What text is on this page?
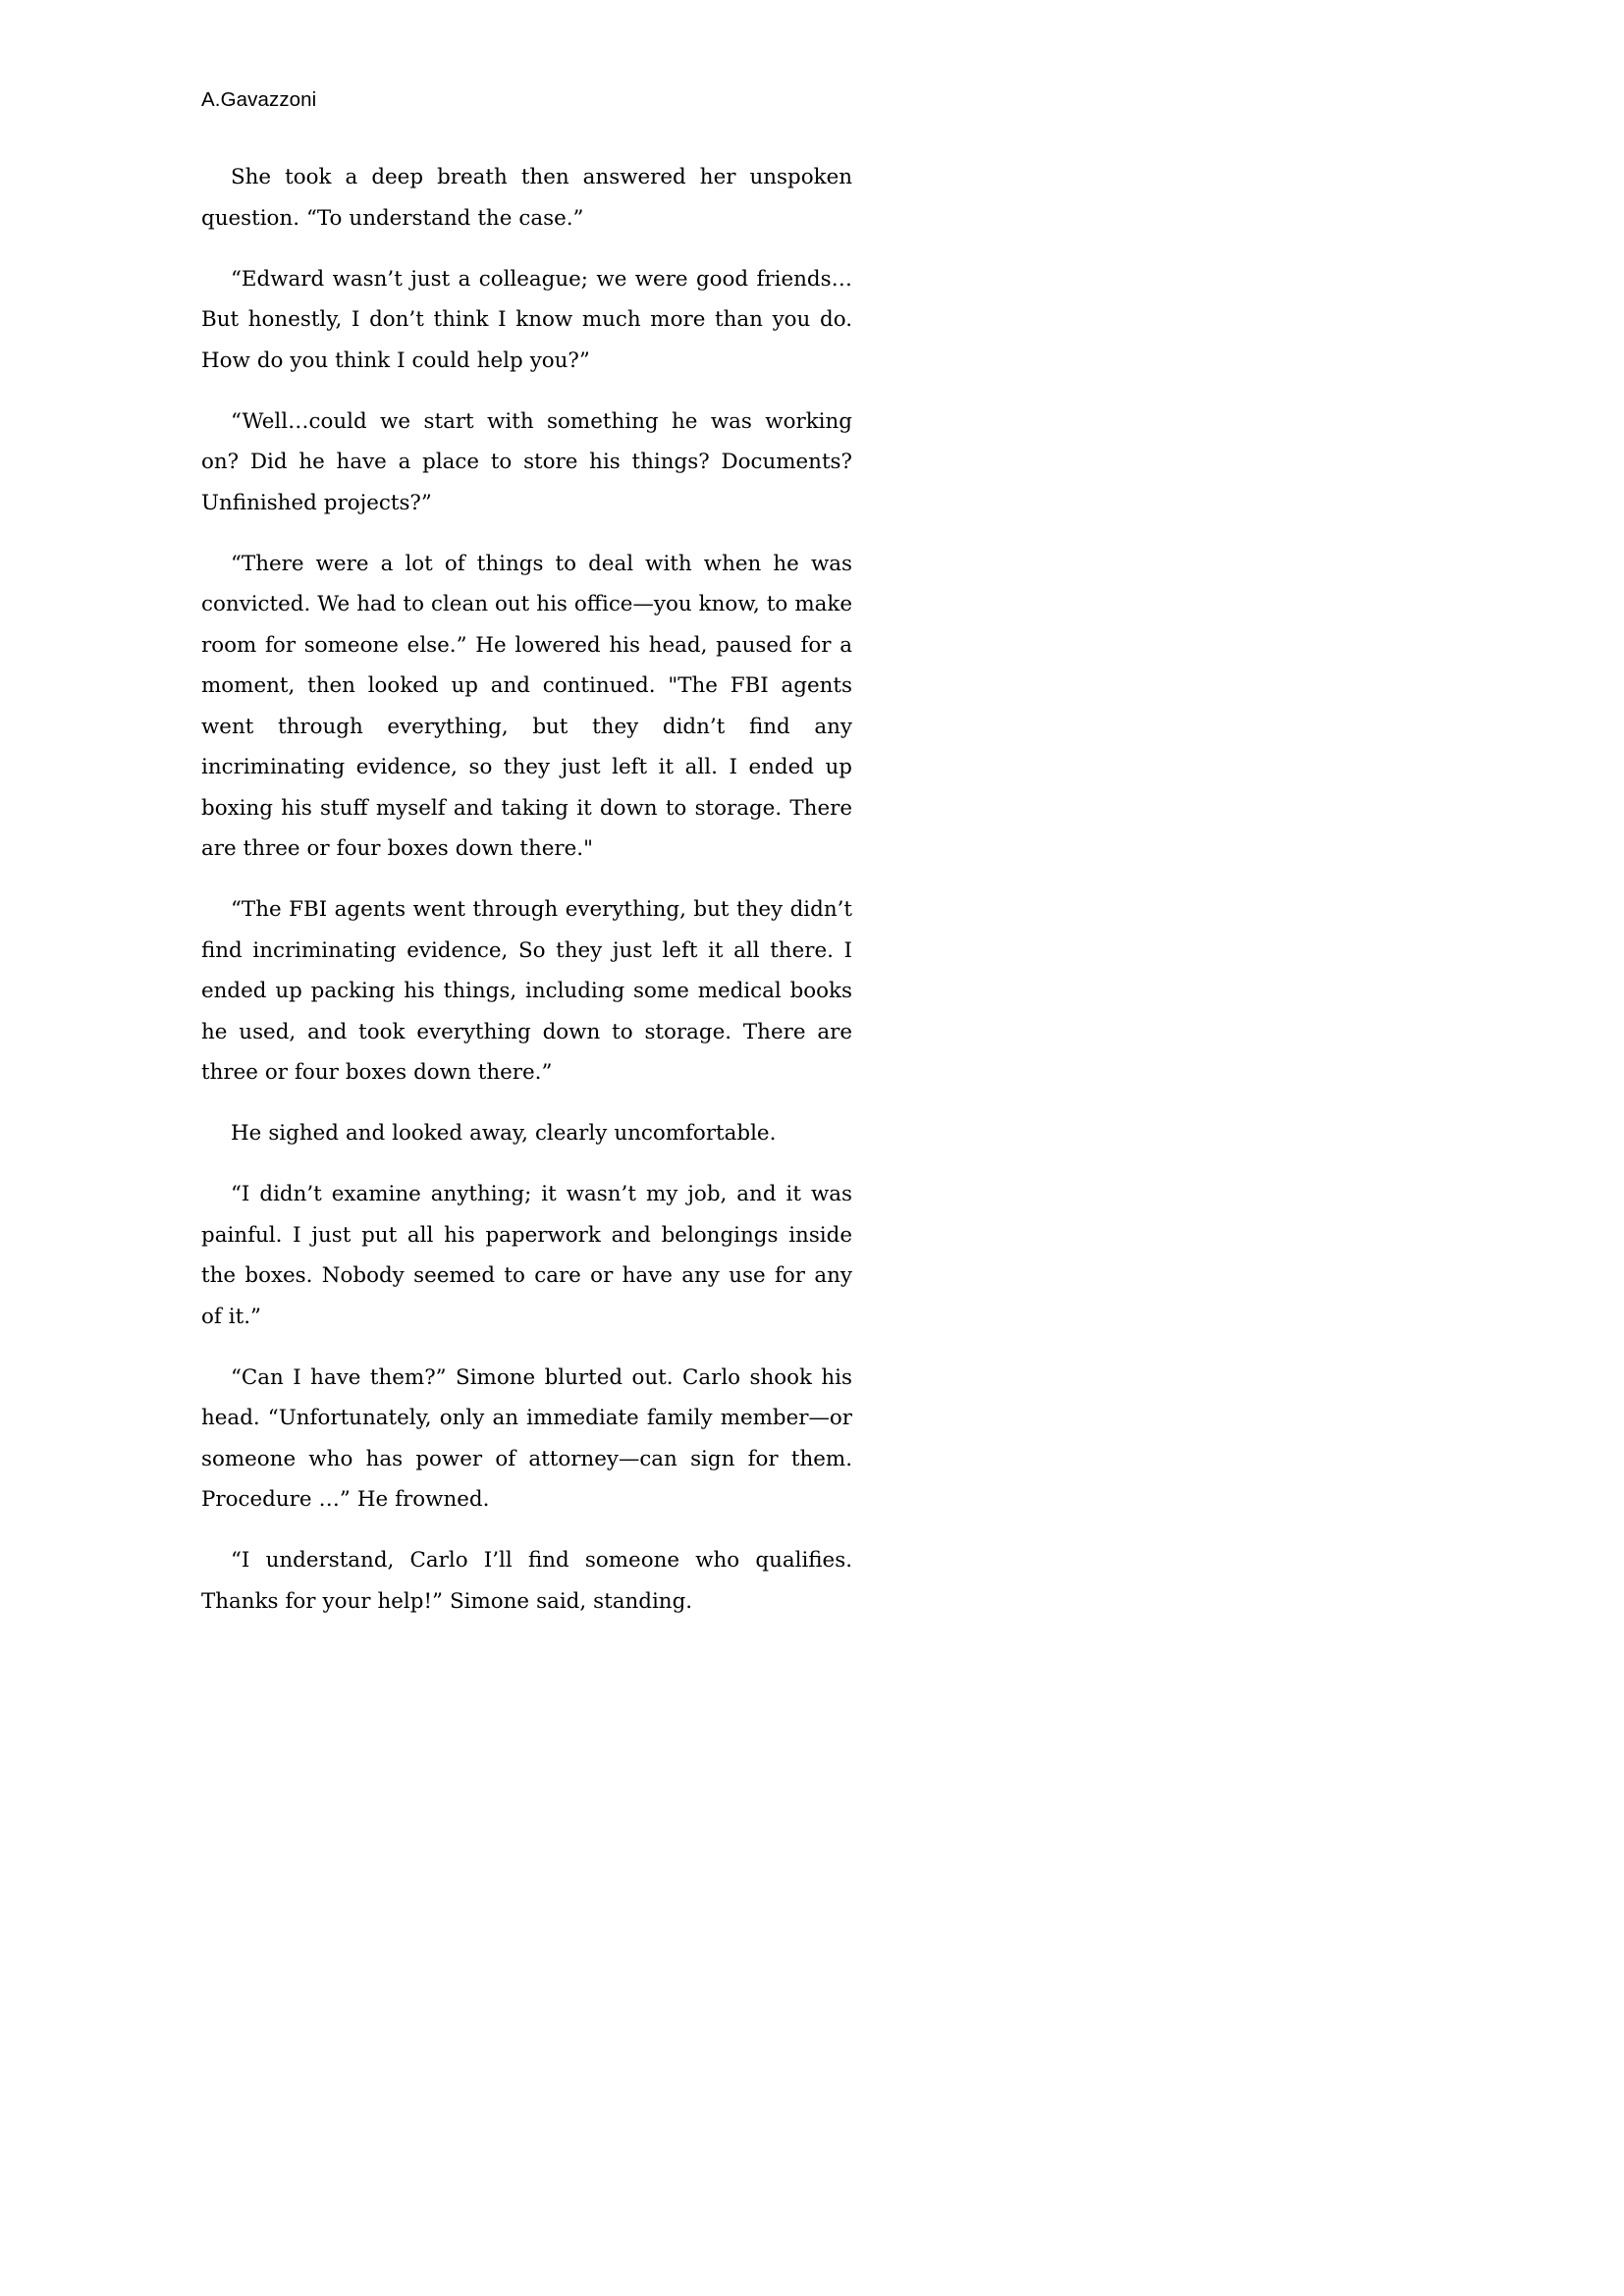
A.Gavazzoni

She took a deep breath then answered her unspoken question. “To understand the case.”

“Edward wasn’t just a colleague; we were good friends… But honestly, I don’t think I know much more than you do. How do you think I could help you?”

“Well…could we start with something he was working on? Did he have a place to store his things? Documents? Unfinished projects?”

“There were a lot of things to deal with when he was convicted. We had to clean out his office—you know, to make room for someone else.” He lowered his head, paused for a moment, then looked up and continued. "The FBI agents went through everything, but they didn’t find any incriminating evidence, so they just left it all. I ended up boxing his stuff myself and taking it down to storage. There are three or four boxes down there."

“The FBI agents went through everything, but they didn’t find incriminating evidence, So they just left it all there. I ended up packing his things, including some medical books he used, and took everything down to storage. There are three or four boxes down there.”

He sighed and looked away, clearly uncomfortable.

“I didn’t examine anything; it wasn’t my job, and it was painful. I just put all his paperwork and belongings inside the boxes. Nobody seemed to care or have any use for any of it.”

“Can I have them?” Simone blurted out. Carlo shook his head. “Unfortunately, only an immediate family member—or someone who has power of attorney—can sign for them. Procedure …” He frowned.

“I understand, Carlo I’ll find someone who qualifies. Thanks for your help!” Simone said, standing.
